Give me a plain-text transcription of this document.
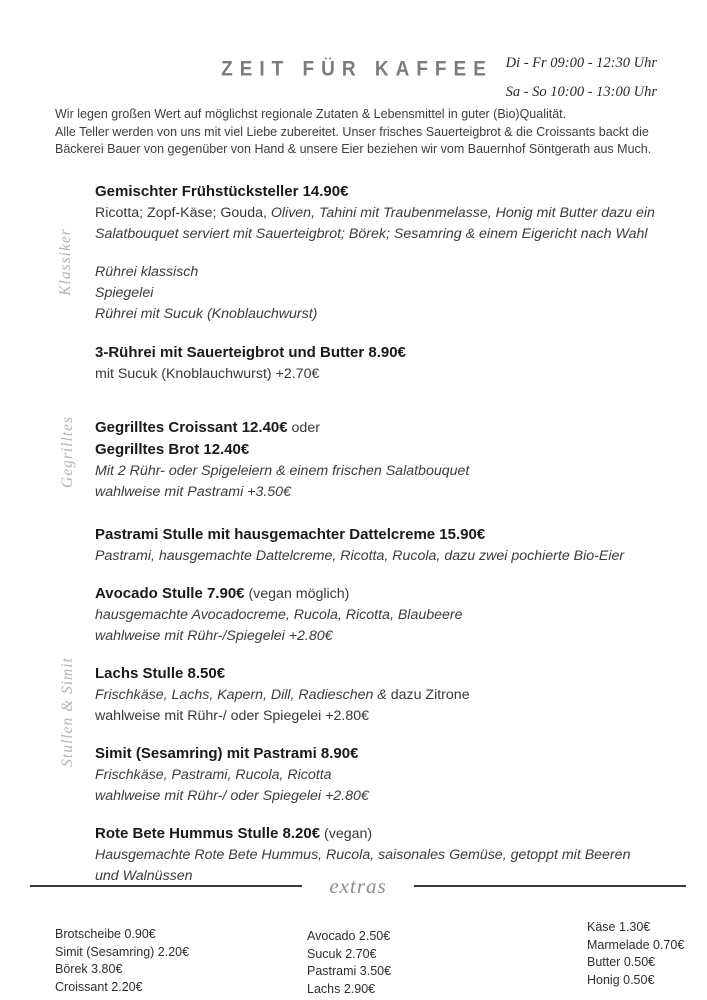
ZEIT FÜR KAFFEE Di - Fr 09:00 - 12:30 Uhr
Sa - So 10:00 - 13:00 Uhr
Wir legen großen Wert auf möglichst regionale Zutaten & Lebensmittel in guter (Bio)Qualität.
Alle Teller werden von uns mit viel Liebe zubereitet. Unser frisches Sauerteigbrot & die Croissants backt die
Bäckerei Bauer von gegenüber von Hand & unsere Eier beziehen wir vom Bauernhof Söntgerath aus Much.
Klassiker
Gegrilltes
Stullen & Simit
Gemischter Frühstücksteller 14.90€
Ricotta; Zopf-Käse; Gouda, Oliven, Tahini mit Traubenmelasse, Honig mit Butter dazu ein
Salatbouquet serviert mit Sauerteigbrot; Börek; Sesamring & einem Eigericht nach Wahl
Rührei klassisch
Spiegelei
Rührei mit Sucuk (Knoblauchwurst)
3-Rührei mit Sauerteigbrot und Butter 8.90€
mit Sucuk (Knoblauchwurst) +2.70€
Gegrilltes Croissant 12.40€ oder
Gegrilltes Brot 12.40€
Mit 2 Rühr- oder Spigeleiern & einem frischen Salatbouquet
wahlweise mit Pastrami +3.50€
Pastrami Stulle mit hausgemachter Dattelcreme 15.90€
Pastrami, hausgemachte Dattelcreme, Ricotta, Rucola, dazu zwei pochierte Bio-Eier
Avocado Stulle 7.90€ (vegan möglich)
hausgemachte Avocadocreme, Rucola, Ricotta, Blaubeere
wahlweise mit Rühr-/Spiegelei +2.80€
Lachs Stulle 8.50€
Frischkäse, Lachs, Kapern, Dill, Radieschen & dazu Zitrone
wahlweise mit Rühr-/ oder Spiegelei +2.80€
Simit (Sesamring) mit Pastrami 8.90€
Frischkäse, Pastrami, Rucola, Ricotta
wahlweise mit Rühr-/ oder Spiegelei +2.80€
Rote Bete Hummus Stulle 8.20€ (vegan)
Hausgemachte Rote Bete Hummus, Rucola, saisonales Gemüse, getoppt mit Beeren
und Walnüssen	extras
Brotscheibe 0.90€
Simit (Sesamring) 2.20€
Börek 3.80€
Croissant 2.20€
Avocado 2.50€
Sucuk 2.70€
Pastrami 3.50€
Lachs 2.90€
Käse 1.30€
Marmelade 0.70€
Butter 0.50€
Honig 0.50€
